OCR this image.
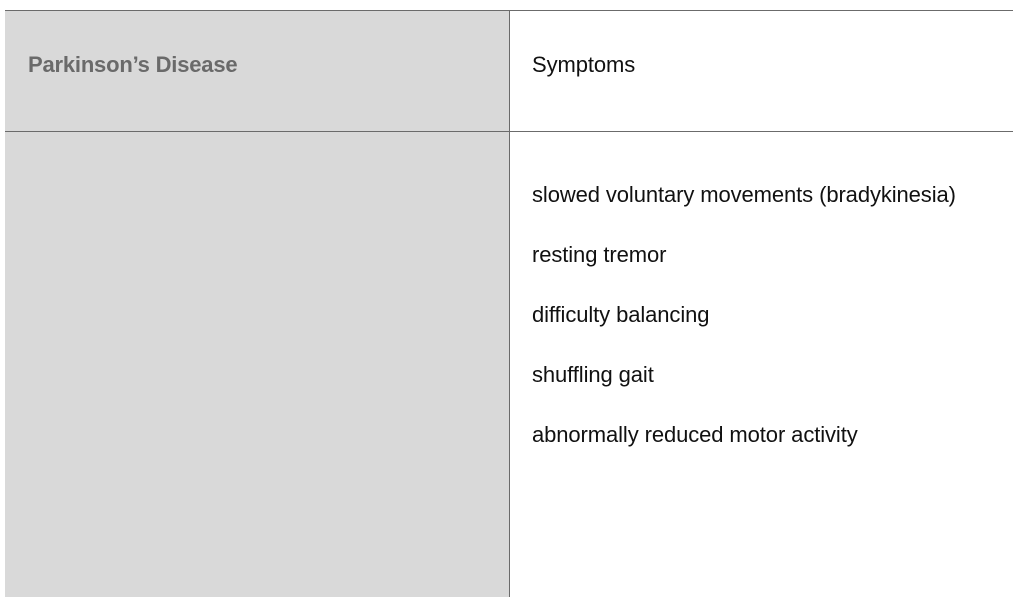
Parkinson’s Disease	Symptoms
slowed voluntary movements (bradykinesia)
resting tremor
difficulty balancing
shuffling gait
abnormally reduced motor activity
